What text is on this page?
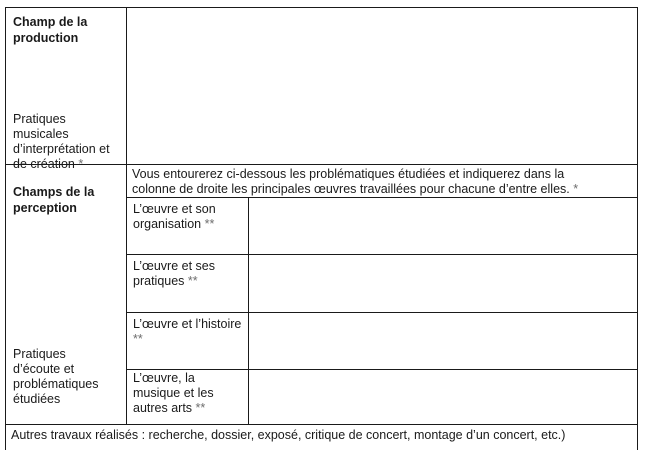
Champ de la production
Pratiques musicales d’interprétation et de création *
Champs de la perception
Pratiques d’écoute et problématiques étudiées
Vous entourerez ci-dessous les problématiques étudiées et indiquerez dans la colonne de droite les principales œuvres travaillées pour chacune d’entre elles. *
L’œuvre et son organisation **
L’œuvre et ses pratiques **
L’œuvre et l’histoire **
L’œuvre, la musique et les autres arts **
Autres travaux réalisés : recherche, dossier, exposé, critique de concert, montage d’un concert, etc.)
